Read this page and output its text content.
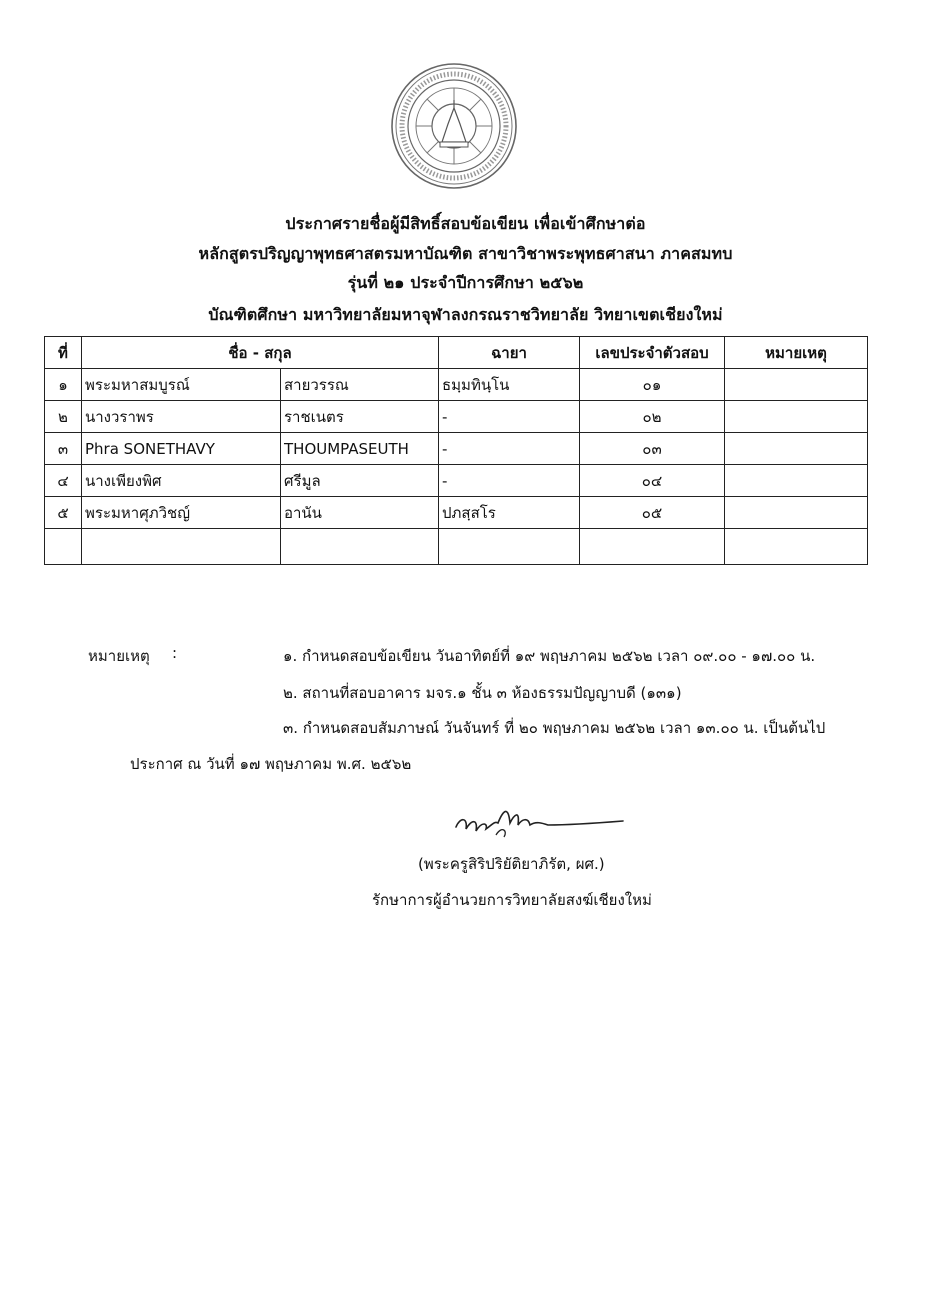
ประกาศรายชื่อผู้มีสิทธิ์สอบข้อเขียน เพื่อเข้าศึกษาต่อ
หลักสูตรปริญญาพุทธศาสตรมหาบัณฑิต สาขาวิชาพระพุทธศาสนา ภาคสมทบ
รุ่นที่ ๒๑ ประจำปีการศึกษา ๒๕๖๒
บัณฑิตศึกษา มหาวิทยาลัยมหาจุฬาลงกรณราชวิทยาลัย วิทยาเขตเชียงใหม่
ที่	ชื่อ - สกุล		ฉายา	เลขประจำตัวสอบ	หมายเหตุ
๑	พระมหาสมบูรณ์	สายวรรณ	ธมฺมทินฺโน	๐๑	
๒	นางวราพร	ราชเนตร	-	๐๒	
๓	Phra SONETHAVY	THOUMPASEUTH	-	๐๓	
๔	นางเพียงพิศ	ศรีมูล	-	๐๔	
๕	พระมหาศุภวิชญ์	อานัน	ปภสฺสโร	๐๕	

หมายเหตุ :	๑. กำหนดสอบข้อเขียน วันอาทิตย์ที่ ๑๙ พฤษภาคม ๒๕๖๒ เวลา ๐๙.๐๐ - ๑๗.๐๐ น.
๒. สถานที่สอบอาคาร มจร.๑ ชั้น ๓ ห้องธรรมปัญญาบดี (๑๓๑)
๓. กำหนดสอบสัมภาษณ์ วันจันทร์ ที่ ๒๐ พฤษภาคม ๒๕๖๒ เวลา ๑๓.๐๐ น. เป็นต้นไป
ประกาศ ณ วันที่ ๑๗ พฤษภาคม พ.ศ. ๒๕๖๒
(พระครูสิริปริยัติยาภิรัต, ผศ.)
รักษาการผู้อำนวยการวิทยาลัยสงฆ์เชียงใหม่
